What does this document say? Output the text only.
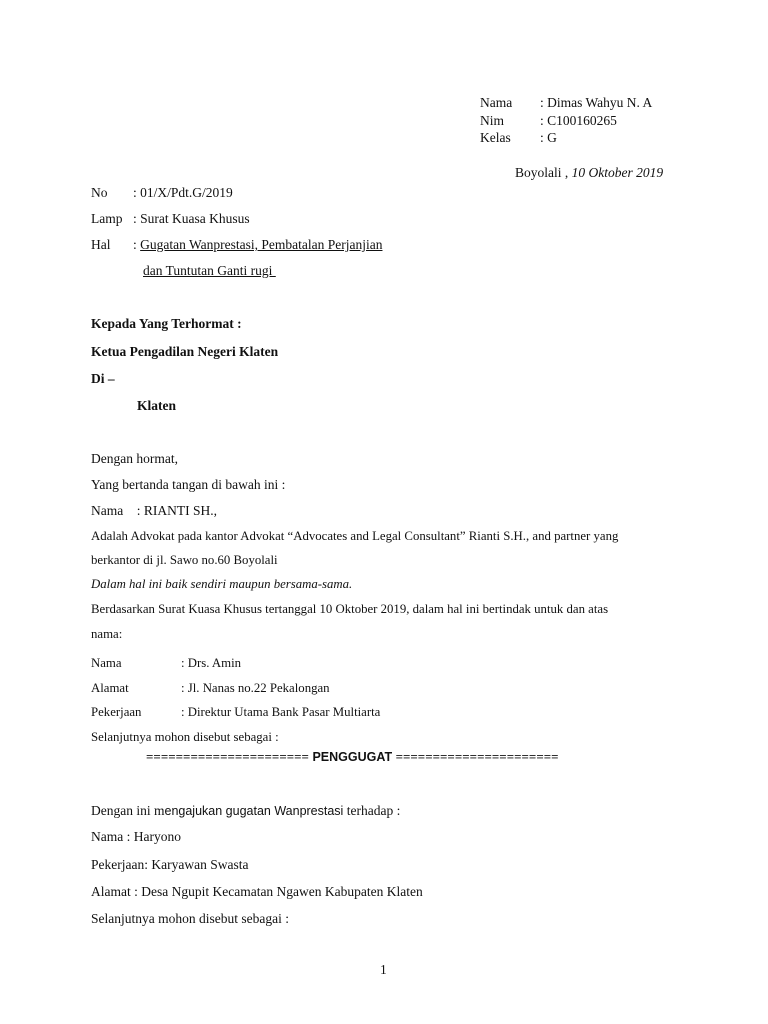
Nama	: Dimas Wahyu N. A
Nim	: C100160265
Kelas	: G
Boyolali , 10 Oktober 2019
No	: 01/X/Pdt.G/2019
Lamp : Surat Kuasa Khusus
Hal	: Gugatan Wanprestasi, Pembatalan Perjanjian
dan Tuntutan Ganti rugi
Kepada Yang Terhormat :
Ketua Pengadilan Negeri Klaten
Di –
Klaten
Dengan hormat,
Yang bertanda tangan di bawah ini :
Nama    : RIANTI SH.,
Adalah Advokat pada kantor Advokat “Advocates and Legal Consultant” Rianti S.H., and partner yang
berkantor di jl. Sawo no.60 Boyolali
Dalam hal ini baik sendiri maupun bersama-sama.
Berdasarkan Surat Kuasa Khusus tertanggal 10 Oktober 2019, dalam hal ini bertindak untuk dan atas
nama:
Nama	: Drs. Amin
Alamat	: Jl. Nanas no.22 Pekalongan
Pekerjaan	: Direktur Utama Bank Pasar Multiarta
Selanjutnya mohon disebut sebagai :
====================== PENGGUGAT ======================
Dengan ini mengajukan gugatan Wanprestasi terhadap :
Nama : Haryono
Pekerjaan: Karyawan Swasta
Alamat : Desa Ngupit Kecamatan Ngawen Kabupaten Klaten
Selanjutnya mohon disebut sebagai :
1
